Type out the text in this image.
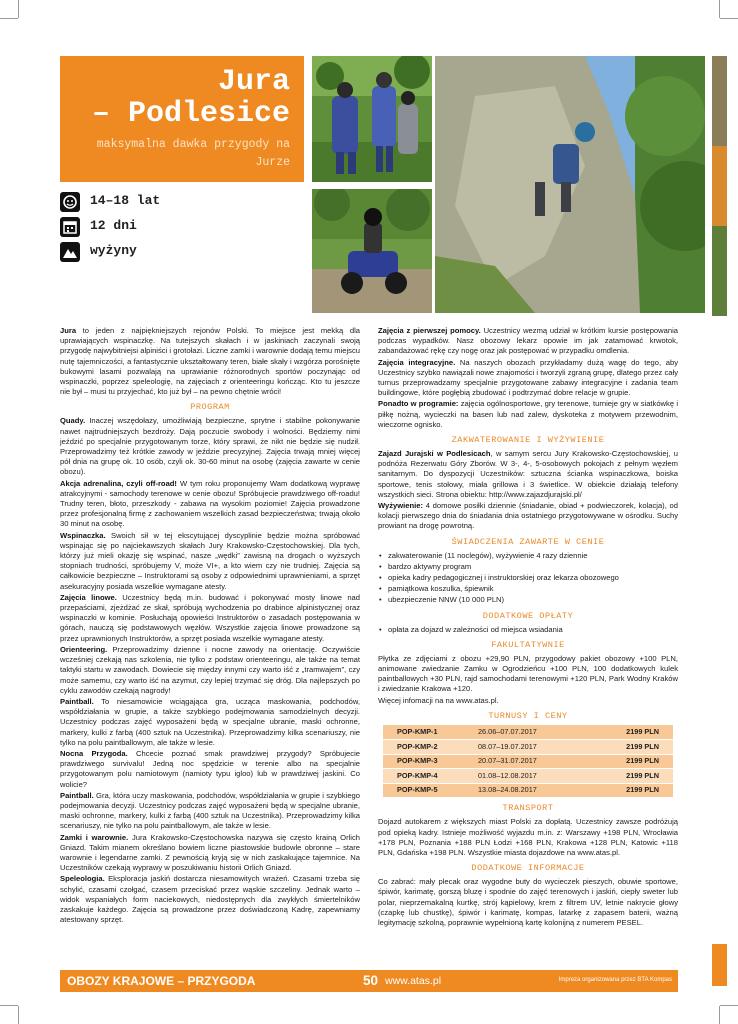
Jura
– Podlesice
maksymalna dawka przygody na Jurze
14–18 lat
12 dni
wyżyny

Jura to jeden z najpiękniejszych rejonów Polski. To miejsce jest mekką dla uprawiających wspinaczkę. Na tutejszych skałach i w jaskiniach zaczynali swoją przygodę najwybitniejsi alpiniści i grotołazi. Liczne zamki i warownie dodają temu miejscu nutę tajemniczości, a fantastycznie ukształtowany teren, białe skały i wzgórza porośnięte bukowymi lasami pozwalają na uprawianie różnorodnych sportów poczynając od wspinaczki, poprzez speleologię, na zajęciach z orienteeringu kończąc. Kto tu jeszcze nie był – musi tu przyjechać, kto już był – na pewno chętnie wróci!

PROGRAM

Quady. Inaczej wszędołazy, umożliwiają bezpieczne, sprytne i stabilne pokonywanie nawet najtrudniejszych bezdroży. Dają poczucie swobody i wolności. Będziemy nimi jeździć po specjalnie przygotowanym torze, który sprawi, że nikt nie będzie się nudził. Przeprowadzimy też krótkie zawody w jeździe precyzyjnej. Zajęcia trwają mniej więcej pół dnia na grupę ok. 10 osób, czyli ok. 30-60 minut na osobę (zajęcia zawarte w cenie obozu).

Akcja adrenalina, czyli off-road! W tym roku proponujemy Wam dodatkową wyprawę atrakcyjnymi - samochody terenowe w cenie obozu! Spróbujecie prawdziwego off-roadu! Trudny teren, błoto, przeszkody - zabawa na wysokim poziomie! Zajęcia prowadzone przez profesjonalną firmę z zachowaniem wszelkich zasad bezpieczeństwa; trwają około 30 minut na osobę.

Wspinaczka. Swoich sił w tej ekscytującej dyscyplinie będzie można spróbować wspinając się po najciekawszych skałach Jury Krakowsko-Częstochowskiej. Dla tych, którzy już mieli okazję się wspinać, nasze „wędki” zawisną na drogach o wyższych stopniach trudności, spróbujemy V, może VI+, a kto wiem czy nie trudniej. Zajęcia są całkowicie bezpieczne – Instruktorami są osoby z odpowiednimi uprawnieniami, a sprzęt asekuracyjny posiada wszelkie wymagane atesty.

Zajęcia linowe. Uczestnicy będą m.in. budować i pokonywać mosty linowe nad przepaściami, zjeżdżać ze skał, spróbują wychodzenia po drabince alpinistycznej oraz wspinaczki w kominie. Posłuchają opowieści Instruktorów o zasadach postępowania w górach, nauczą się podstawowych węzłów. Wszystkie zajęcia linowe prowadzone są przez uprawnionych Instruktorów, a sprzęt posiada wszelkie wymagane atesty.

Orienteering. Przeprowadzimy dzienne i nocne zawody na orientację. Oczywiście wcześniej czekają nas szkolenia, nie tylko z podstaw orienteeringu, ale także na temat taktyki startu w zawodach. Dowiecie się między innymi czy warto iść z „tramwajem”, czy może samemu, czy warto iść na azymut, czy lepiej trzymać się dróg. Dla najlepszych po cyklu zawodów czekają nagrody!

Paintball. To niesamowicie wciągająca gra, ucząca maskowania, podchodów, współdziałania w grupie, a także szybkiego podejmowania samodzielnych decyzji. Uczestnicy podczas zajęć wyposażeni będą w specjalne ubranie, maski ochronne, markery, kulki z farbą (400 sztuk na Uczestnika). Przeprowadzimy kilka scenariuszy, nie tylko na polu paintballowym, ale także w lesie.

Nocna Przygoda. Chcecie poznać smak prawdziwej przygody? Spróbujecie prawdziwego survivalu! Jedną noc spędzicie w terenie albo na specjalnie przygotowanym polu namiotowym (namioty typu igloo) lub w prawdziwej jaskini. Co wolicie?

Paintball. Gra, która uczy maskowania, podchodów, współdziałania w grupie i szybkiego podejmowania decyzji. Uczestnicy podczas zajęć wyposażeni będą w specjalne ubranie, maski ochronne, markery, kulki z farbą (400 sztuk na Uczestnika). Przeprowadzimy kilka scenariuszy, nie tylko na polu paintballowym, ale także w lesie.

Zamki i warownie. Jura Krakowsko-Częstochowska nazywa się często krainą Orlich Gniazd. Takim mianem określano bowiem liczne piastowskie budowle obronne – stare warownie i legendarne zamki. Z pewnością kryją się w nich zaskakujące tajemnice. Na Uczestników czekają wyprawy w poszukiwaniu historii Orlich Gniazd.

Speleologia. Eksploracja jaskiń dostarcza niesamowitych wrażeń. Czasami trzeba się schylić, czasami czołgać, czasem przeciskać przez wąskie szczeliny. Jednak warto – widok wspaniałych form naciekowych, niedostępnych dla zwykłych śmiertelników zaskakuje każdego. Zajęcia są prowadzone przez doświadczoną Kadrę, zapewniamy atestowany sprzęt.

Zajęcia z pierwszej pomocy. Uczestnicy wezmą udział w krótkim kursie postępowania podczas wypadków. Nasz obozowy lekarz opowie im jak zatamować krwotok, zabandażować rękę czy nogę oraz jak postępować w przypadku omdlenia.

Zajęcia integracyjne. Na naszych obozach przykładamy dużą wagę do tego, aby Uczestnicy szybko nawiązali nowe znajomości i tworzyli zgraną grupę, dlatego przez cały turnus przeprowadzamy specjalnie przygotowane zabawy integracyjne i zadania team buildingowe, które pogłębią zbudować i podtrzymać dobre relacje w grupie.

Ponadto w programie: zajęcia ogólnosportowe, gry terenowe, turnieje gry w siatkówkę i piłkę nożną, wycieczki na basen lub nad zalew, dyskoteka z motywem przewodnim, wieczorne ognisko.

ZAKWATEROWANIE I WYŻYWIENIE

Zajazd Jurajski w Podlesicach, w samym sercu Jury Krakowsko-Częstochowskiej, u podnóża Rezerwatu Góry Zborów. W 3-, 4-, 5-osobowych pokojach z pełnym węzłem sanitarnym. Do dyspozycji Uczestników: sztuczna ścianka wspinaczkowa, boiska sportowe, tenis stołowy, miała grillowa i 3 świetlice. W obiekcie działają telefony wszystkich sieci. Strona obiektu: http://www.zajazdjurajski.pl/

Wyżywienie: 4 domowe posiłki dziennie (śniadanie, obiad + podwieczorek, kolacja), od kolacji pierwszego dnia do śniadania dnia ostatniego przygotowywane w ośrodku. Suchy prowiant na drogę powrotną.

ŚWIADCZENIA ZAWARTE W CENIE
• zakwaterowanie (11 noclegów), wyżywienie 4 razy dziennie
• bardzo aktywny program
• opieka kadry pedagogicznej i instruktorskiej oraz lekarza obozowego
• pamiątkowa koszulka, śpiewnik
• ubezpieczenie NNW (10 000 PLN)
DODATKOWE OPŁATY
• opłata za dojazd w zależności od miejsca wsiadania
FAKULTATYWNIE

Płytka ze zdjęciami z obozu +29,90 PLN, przygodowy pakiet obozowy +100 PLN, animowane zwiedzanie Zamku w Ogrodzieńcu +100 PLN, 100 dodatkowych kulek paintballowych +30 PLN, rajd samochodami terenowymi +120 PLN, Park Wodny Kraków i zwiedzanie Krakowa +120.

Więcej infomacji na na www.atas.pl.

TURNUSY I CENY
POP-KMP-1	26.06–07.07.2017	2199 PLN
POP-KMP-2	08.07–19.07.2017	2199 PLN
POP-KMP-3	20.07–31.07.2017	2199 PLN
POP-KMP-4	01.08–12.08.2017	2199 PLN
POP-KMP-5	13.08–24.08.2017	2199 PLN
TRANSPORT

Dojazd autokarem z większych miast Polski za dopłatą. Uczestnicy zawsze podróżują pod opieką kadry. Istnieje możliwość wyjazdu m.in. z: Warszawy +198 PLN, Wrocławia +178 PLN, Poznania +188 PLN Łodzi +168 PLN, Krakowa +128 PLN, Katowic +118 PLN, Gdańska +198 PLN. Wszystkie miasta dojazdowe na www.atas.pl.

DODATKOWE INFORMACJE

Co zabrać: mały plecak oraz wygodne buty do wycieczek pieszych, obuwie sportowe, śpiwór, karimatę, gorszą bluzę i spodnie do zajęć terenowych i jaskiń, ciepły sweter lub polar, nieprzemakalną kurtkę, strój kąpielowy, krem z filtrem UV, letnie nakrycie głowy (czapkę lub chustkę), śpiwór i karimatę, kompas, latarkę z zapasem baterii, ważną legitymację szkolną, poprawnie wypełnioną kartę kolonijną z numerem PESEL.

OBOZY KRAJOWE – PRZYGODA	50 www.atas.pl	Impreza organizowana przez BTA Kompas
